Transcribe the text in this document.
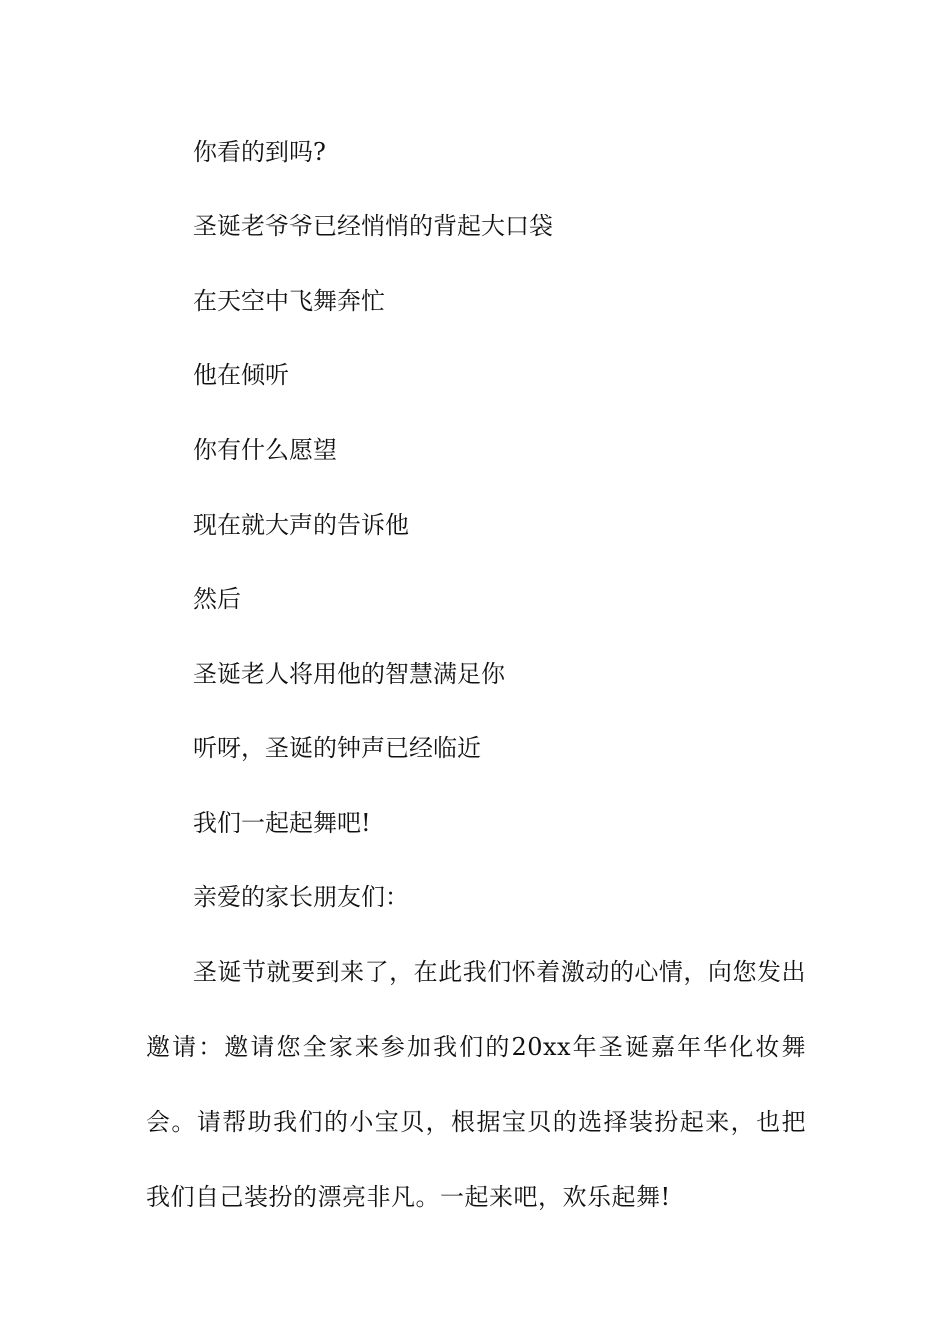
你看的到吗?
圣诞老爷爷已经悄悄的背起大口袋
在天空中飞舞奔忙
他在倾听
你有什么愿望
现在就大声的告诉他
然后
圣诞老人将用他的智慧满足你
听呀，圣诞的钟声已经临近
我们一起起舞吧!
亲爱的家长朋友们：
圣诞节就要到来了，在此我们怀着激动的心情，向您发出邀请：邀请您全家来参加我们的20xx年圣诞嘉年华化妆舞会。请帮助我们的小宝贝，根据宝贝的选择装扮起来，也把我们自己装扮的漂亮非凡。一起来吧，欢乐起舞!
